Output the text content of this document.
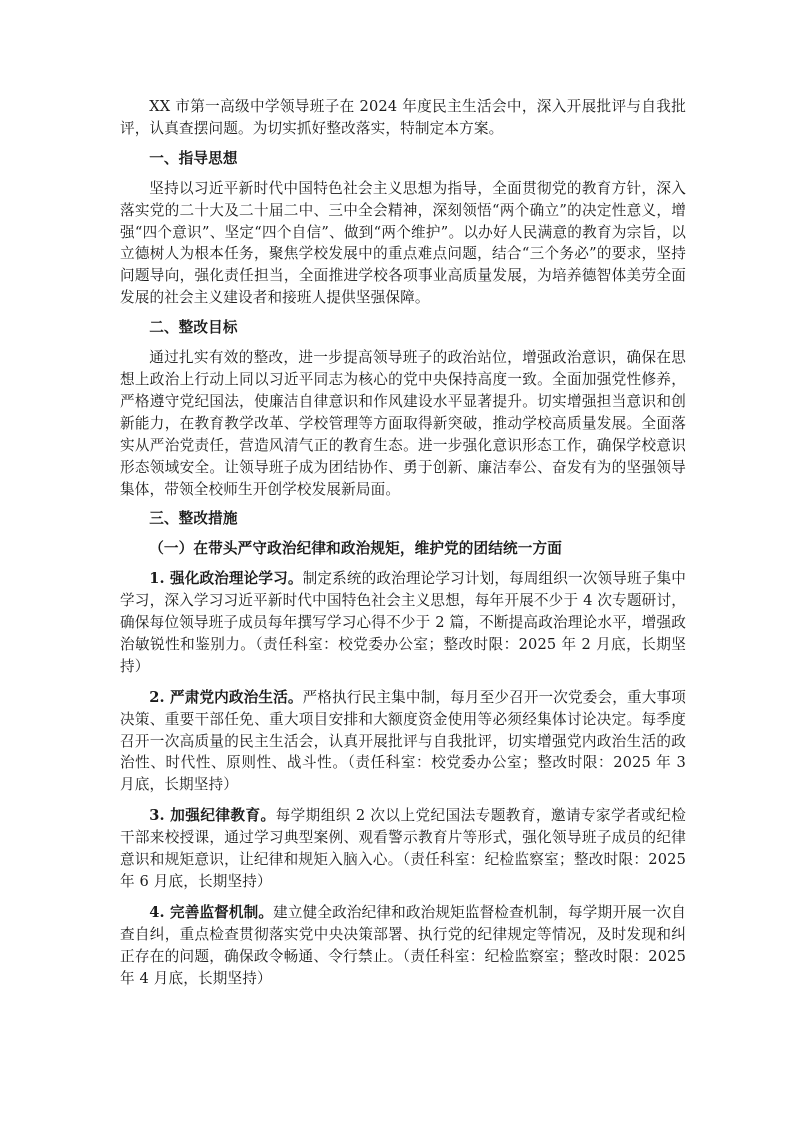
XX 市第一高级中学领导班子在 2024 年度民主生活会中，深入开展批评与自我批评，认真查摆问题。为切实抓好整改落实，特制定本方案。

一、指导思想

坚持以习近平新时代中国特色社会主义思想为指导，全面贯彻党的教育方针，深入落实党的二十大及二十届二中、三中全会精神，深刻领悟“两个确立”的决定性意义，增强“四个意识”、坚定“四个自信”、做到“两个维护”。以办好人民满意的教育为宗旨，以立德树人为根本任务，聚焦学校发展中的重点难点问题，结合“三个务必”的要求，坚持问题导向，强化责任担当，全面推进学校各项事业高质量发展，为培养德智体美劳全面发展的社会主义建设者和接班人提供坚强保障。

二、整改目标

通过扎实有效的整改，进一步提高领导班子的政治站位，增强政治意识，确保在思想上政治上行动上同以习近平同志为核心的党中央保持高度一致。全面加强党性修养，严格遵守党纪国法，使廉洁自律意识和作风建设水平显著提升。切实增强担当意识和创新能力，在教育教学改革、学校管理等方面取得新突破，推动学校高质量发展。全面落实从严治党责任，营造风清气正的教育生态。进一步强化意识形态工作，确保学校意识形态领域安全。让领导班子成为团结协作、勇于创新、廉洁奉公、奋发有为的坚强领导集体，带领全校师生开创学校发展新局面。

三、整改措施

（一）在带头严守政治纪律和政治规矩，维护党的团结统一方面

1. 强化政治理论学习。制定系统的政治理论学习计划，每周组织一次领导班子集中学习，深入学习习近平新时代中国特色社会主义思想，每年开展不少于 4 次专题研讨，确保每位领导班子成员每年撰写学习心得不少于 2 篇，不断提高政治理论水平，增强政治敏锐性和鉴别力。（责任科室：校党委办公室；整改时限：2025 年 2 月底，长期坚持）

2. 严肃党内政治生活。严格执行民主集中制，每月至少召开一次党委会，重大事项决策、重要干部任免、重大项目安排和大额度资金使用等必须经集体讨论决定。每季度召开一次高质量的民主生活会，认真开展批评与自我批评，切实增强党内政治生活的政治性、时代性、原则性、战斗性。（责任科室：校党委办公室；整改时限：2025 年 3 月底，长期坚持）

3. 加强纪律教育。每学期组织 2 次以上党纪国法专题教育，邀请专家学者或纪检干部来校授课，通过学习典型案例、观看警示教育片等形式，强化领导班子成员的纪律意识和规矩意识，让纪律和规矩入脑入心。（责任科室：纪检监察室；整改时限：2025 年 6 月底，长期坚持）

4. 完善监督机制。建立健全政治纪律和政治规矩监督检查机制，每学期开展一次自查自纠，重点检查贯彻落实党中央决策部署、执行党的纪律规定等情况，及时发现和纠正存在的问题，确保政令畅通、令行禁止。（责任科室：纪检监察室；整改时限：2025 年 4 月底，长期坚持）
